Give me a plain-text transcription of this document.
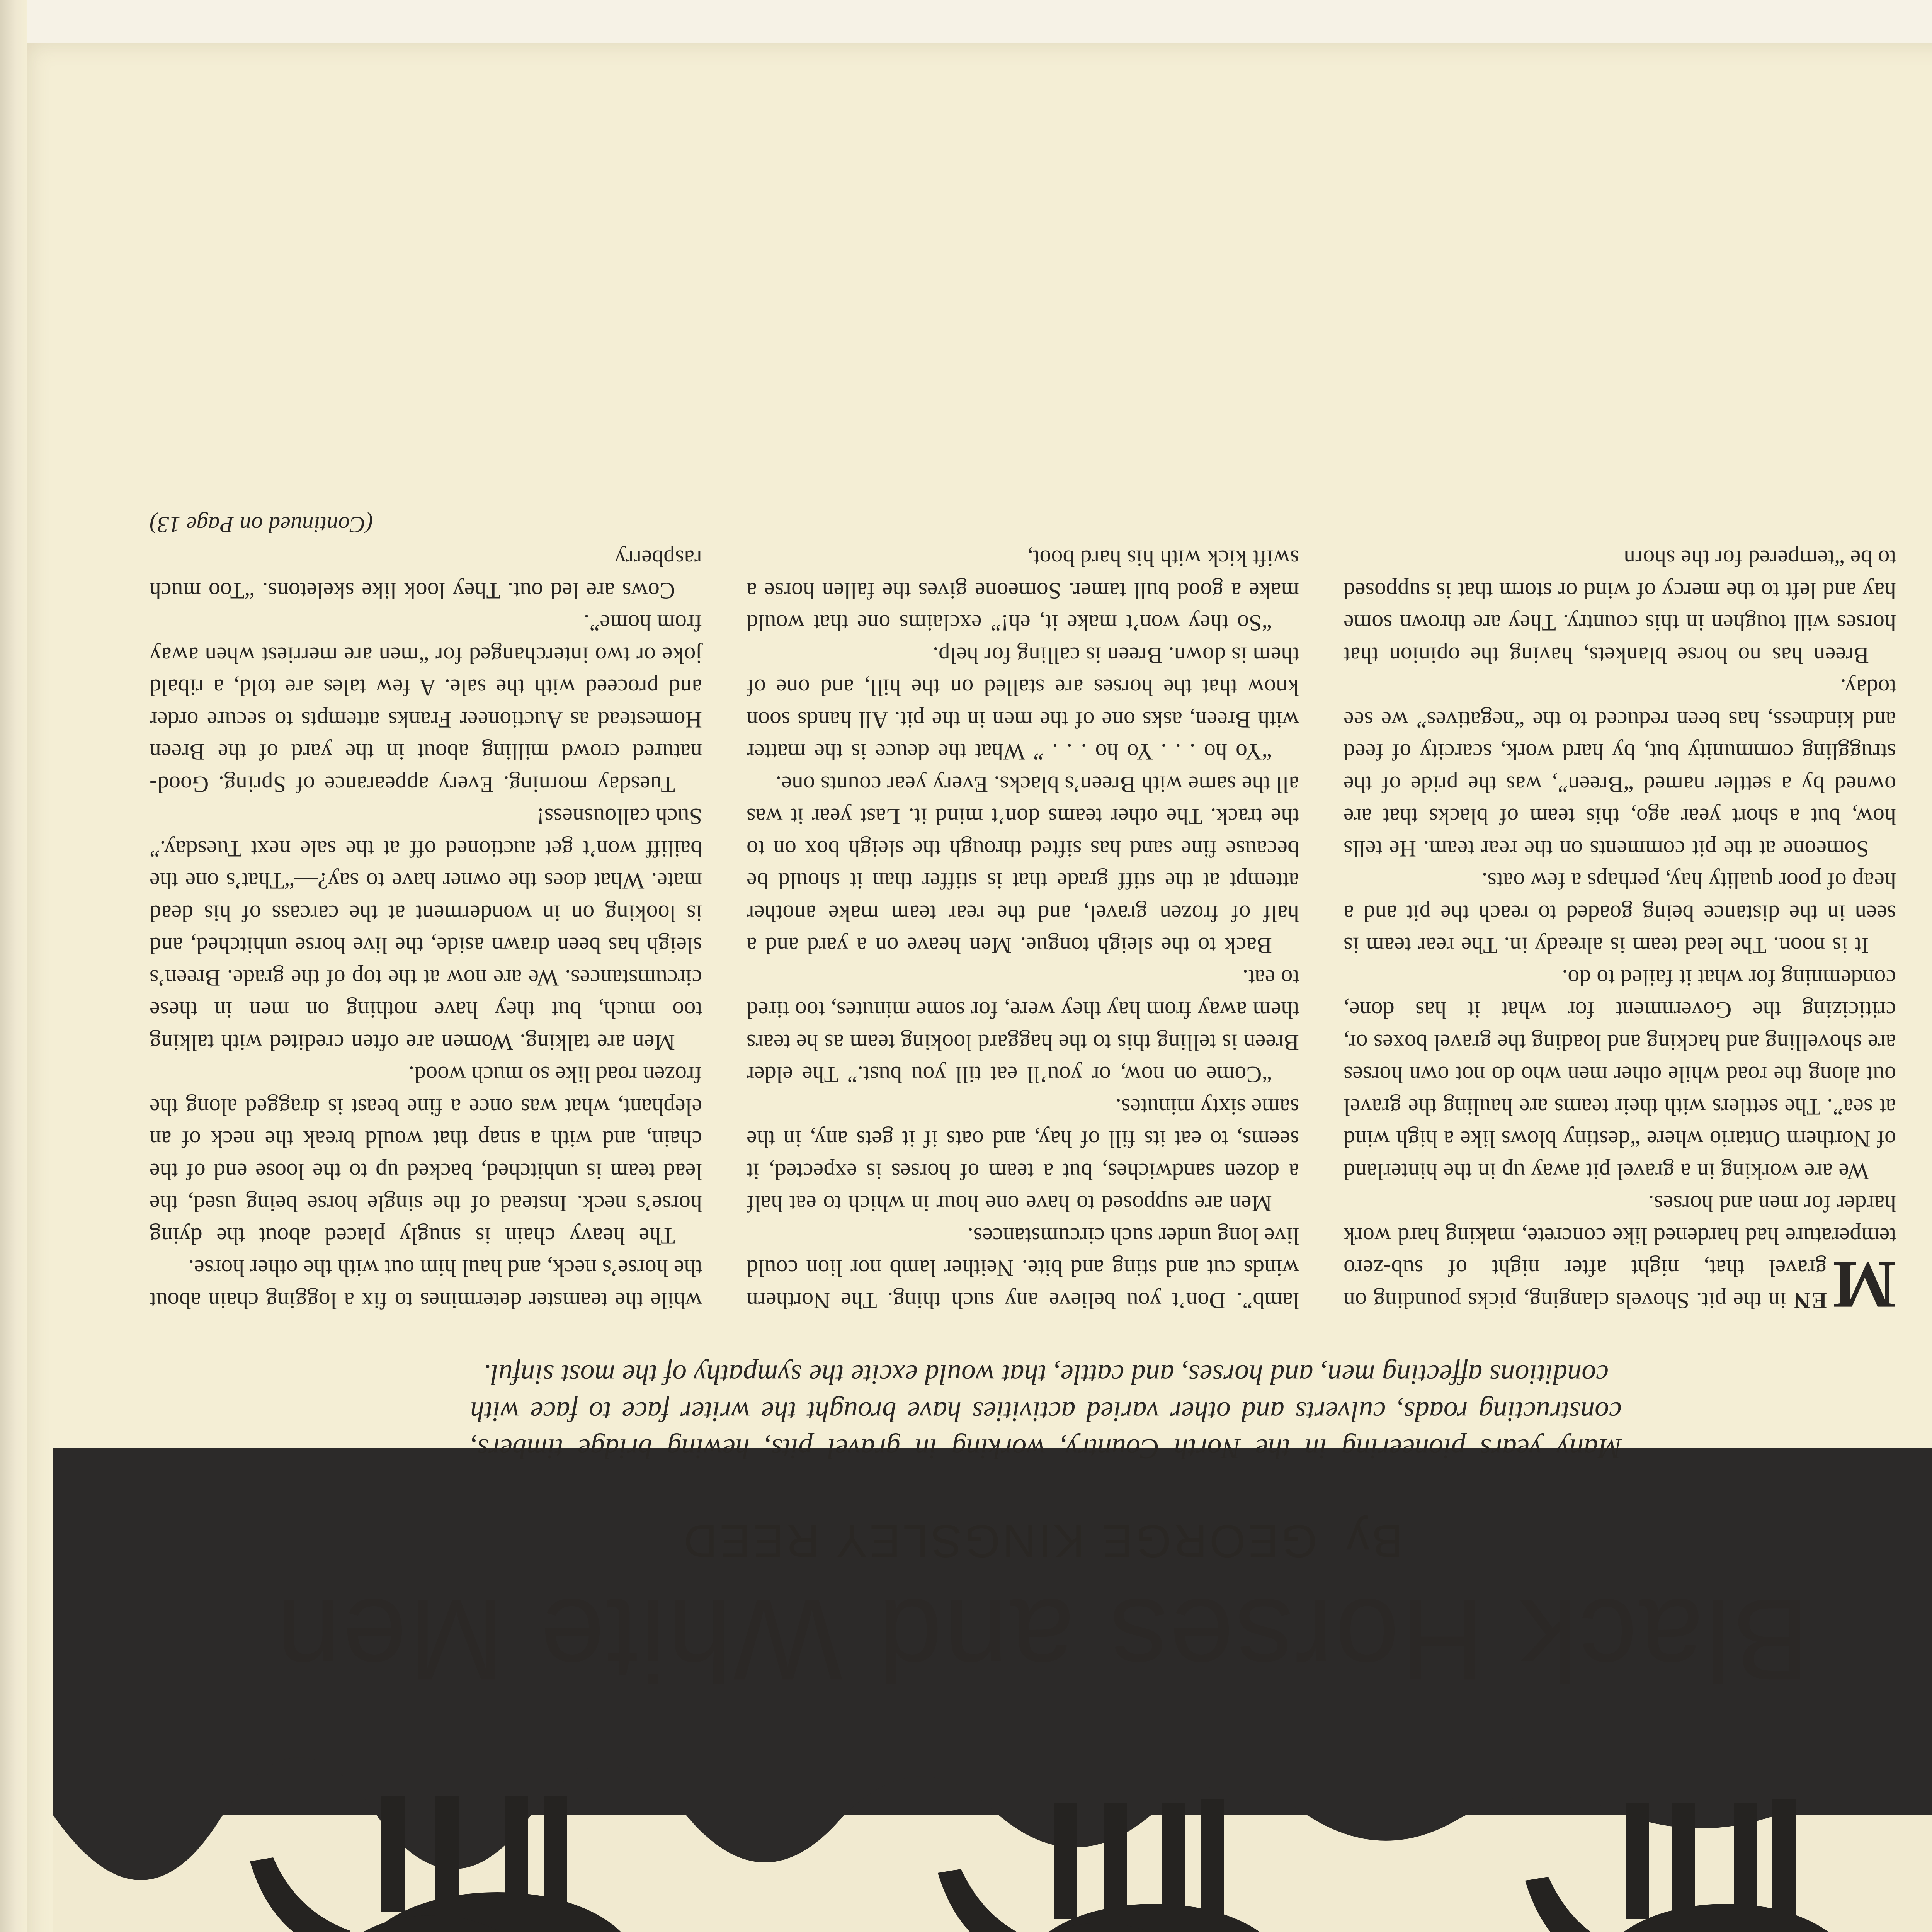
Black Horses and White Men
By GEORGE KINGSLEY REED
Many years pioneering in the North Country, working in gravel pits, hewing bridge timbers, constructing roads, culverts and other varied activities have brought the writer face to face with conditions affecting men, and horses, and cattle, that would excite the sympathy of the most sinful.

M
EN in the pit. Shovels clanging, picks pounding on gravel that, night after night of sub-zero temperature had hardened like concrete, making hard work harder for men and horses.

We are working in a gravel pit away up in the hinterland of Northern Ontario where “destiny blows like a high wind at sea”. The settlers with their teams are hauling the gravel out along the road while other men who do not own horses are shovelling and hacking and loading the gravel boxes or, criticizing the Government for what it has done, condemning for what it failed to do.

It is noon. The lead team is already in. The rear team is seen in the distance being goaded to reach the pit and a heap of poor quality hay, perhaps a few oats.

Someone at the pit comments on the rear team. He tells how, but a short year ago, this team of blacks that are owned by a settler named “Breen”, was the pride of the struggling community but, by hard work, scarcity of feed and kindness, has been reduced to the “negatives” we see today.

Breen has no horse blankets, having the opinion that horses will toughen in this country. They are thrown some hay and left to the mercy of wind or storm that is supposed to be “tempered for the shorn

lamb”. Don’t you believe any such thing. The Northern winds cut and sting and bite. Neither lamb nor lion could live long under such circumstances.

Men are supposed to have one hour in which to eat half a dozen sandwiches, but a team of horses is expected, it seems, to eat its fill of hay, and oats if it gets any, in the same sixty minutes.

“Come on now, or you’ll eat till you bust.” The elder Breen is telling this to the haggard looking team as he tears them away from hay they were, for some minutes, too tired to eat.

Back to the sleigh tongue. Men heave on a yard and a half of frozen gravel, and the rear team make another attempt at the stiff grade that is stiffer than it should be because fine sand has sifted through the sleigh box on to the track. The other teams don’t mind it. Last year it was all the same with Breen’s blacks. Every year counts one.

“Yo ho . . . Yo ho . . . ” What the deuce is the matter with Breen, asks one of the men in the pit. All hands soon know that the horses are stalled on the hill, and one of them is down. Breen is calling for help.

“So they won’t make it, eh!” exclaims one that would make a good bull tamer. Someone gives the fallen horse a swift kick with his hard boot,

while the teamster determines to fix a logging chain about the horse’s neck, and haul him out with the other horse.

The heavy chain is snugly placed about the dying horse’s neck. Instead of the single horse being used, the lead team is unhitched, backed up to the loose end of the chain, and with a snap that would break the neck of an elephant, what was once a fine beast is dragged along the frozen road like so much wood.

Men are talking. Women are often credited with talking too much, but they have nothing on men in these circumstances. We are now at the top of the grade. Breen’s sleigh has been drawn aside, the live horse unhitched, and is looking on in wonderment at the carcass of his dead mate. What does the owner have to say?—“That’s one the bailiff won’t get auctioned off at the sale next Tuesday.” Such callousness!

Tuesday morning. Every appearance of Spring. Good-natured crowd milling about in the yard of the Breen Homestead as Auctioneer Franks attempts to secure order and proceed with the sale. A few tales are told, a ribald joke or two interchanged for “men are merriest when away from home”.

Cows are led out. They look like skeletons. “Too much raspberry

(Continued on Page 13)
